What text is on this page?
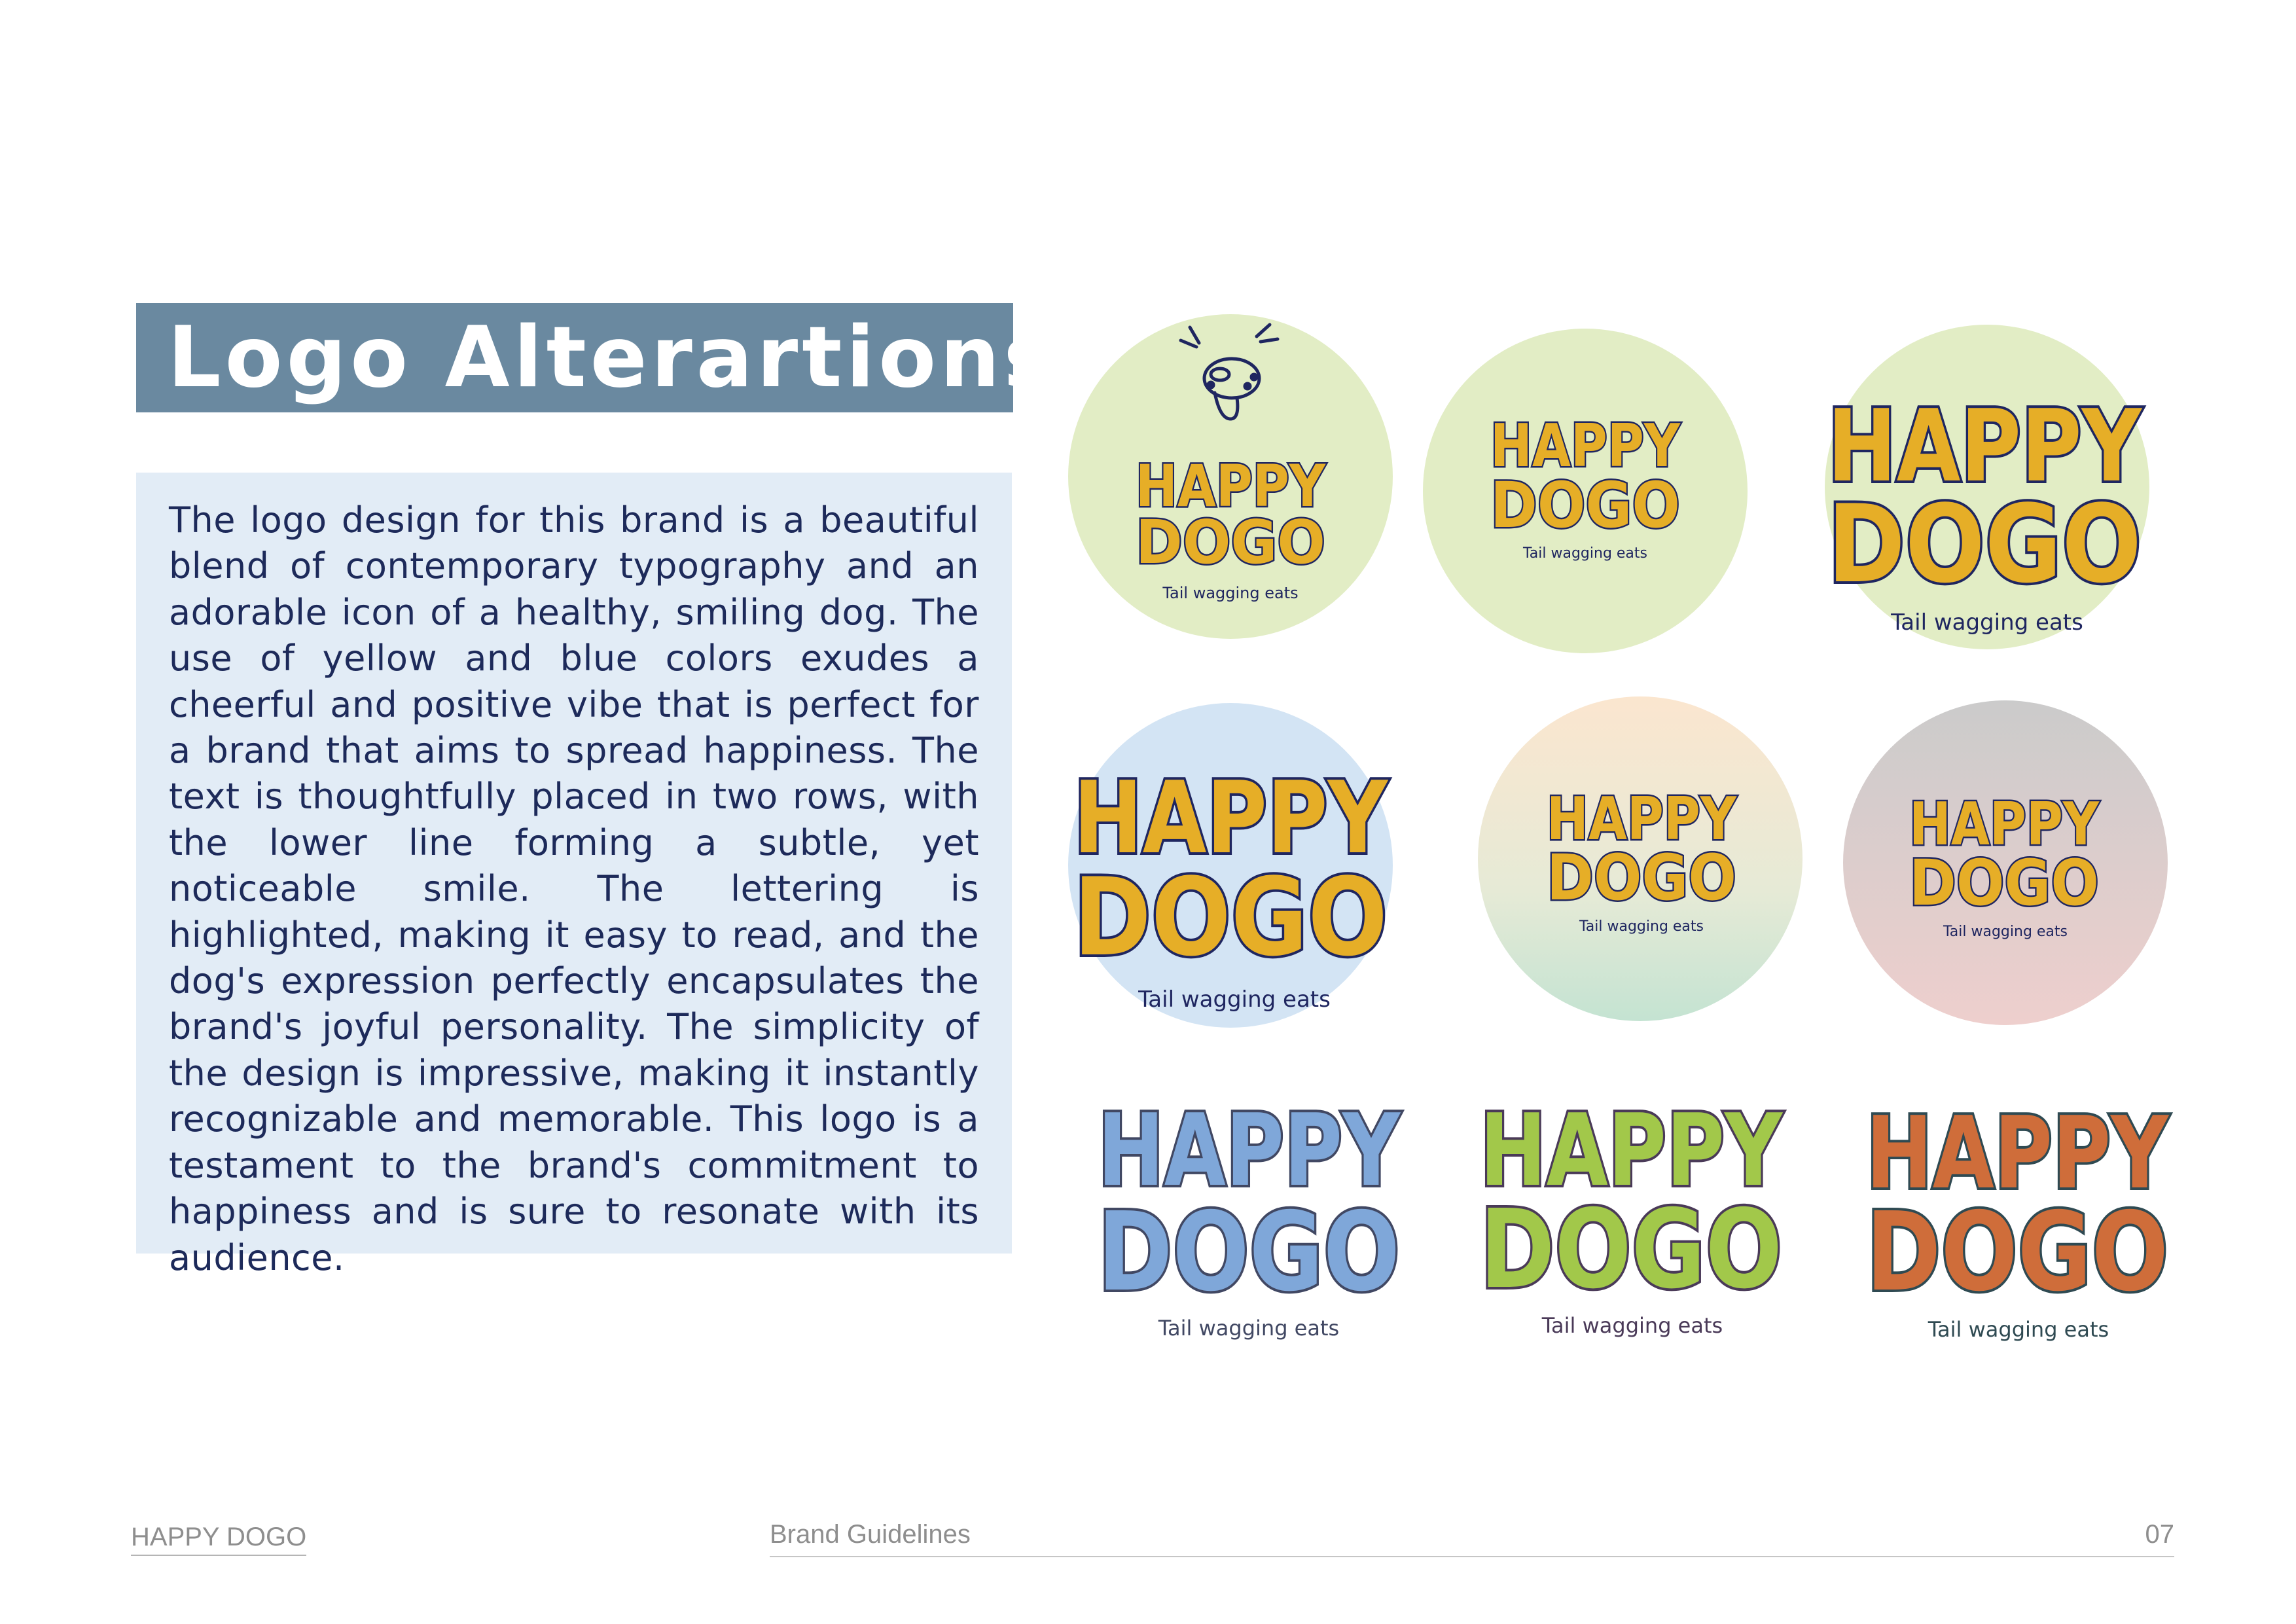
Logo Alterartions

The logo design for this brand is a beautiful blend of contemporary typography and an adorable icon of a healthy, smiling dog. The use of yellow and blue colors exudes a cheerful and positive vibe that is perfect for a brand that aims to spread happiness. The text is thoughtfully placed in two rows, with the lower line forming a subtle, yet noticeable smile. The lettering is highlighted, making it easy to read, and the dog's expression perfectly encapsulates the brand's joyful personality. The simplicity of the design is impressive, making it instantly recognizable and memorable. This logo is a testament to the brand's commitment to happiness and is sure to resonate with its audience.

HAPPY
DOGO
Tail wagging eats
HAPPY
DOGO
Tail wagging eats
HAPPY
DOGO
Tail wagging eats
HAPPY
DOGO
Tail wagging eats
HAPPY
DOGO
Tail wagging eats
HAPPY
DOGO
Tail wagging eats
HAPPY
DOGO
Tail wagging eats
HAPPY
DOGO
Tail wagging eats
HAPPY
DOGO
Tail wagging eats
HAPPY DOGO	Brand Guidelines	07
